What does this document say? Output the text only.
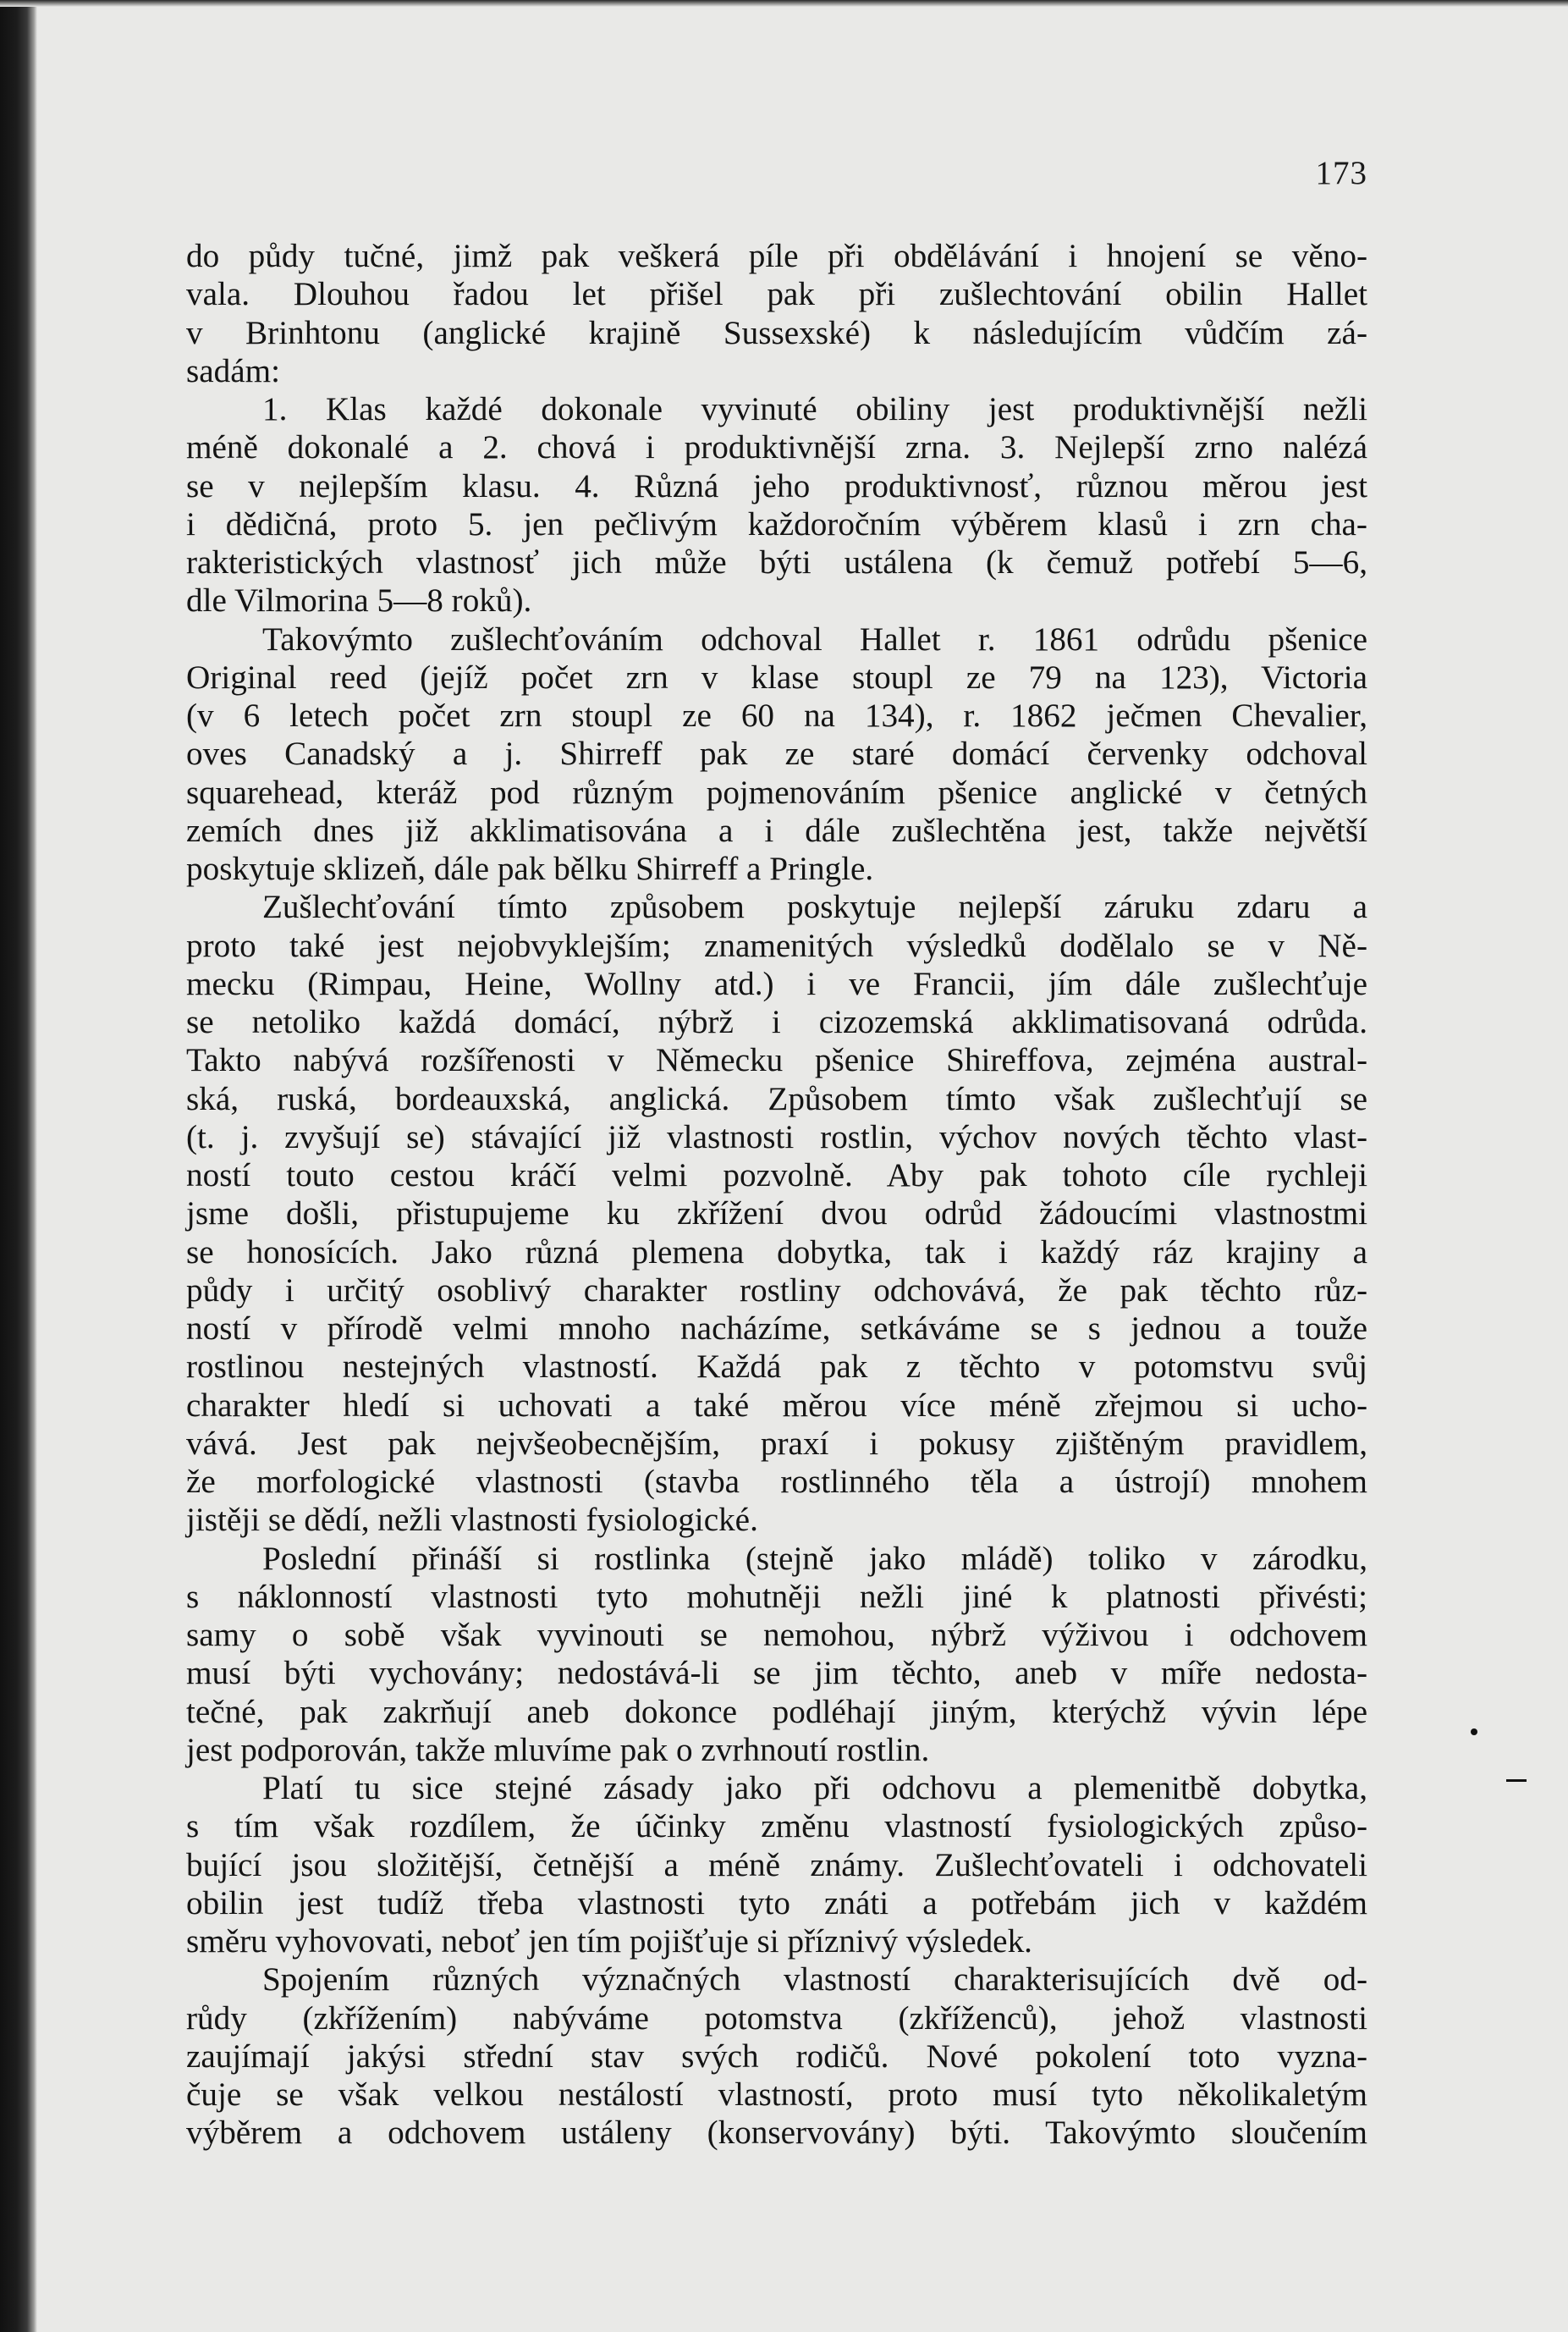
173
do půdy tučné, jimž pak veškerá píle při obdělávání i hnojení se věno-
vala. Dlouhou řadou let přišel pak při zušlechtování obilin Hallet
v Brinhtonu (anglické krajině Sussexské) k následujícím vůdčím zá-
sadám:
1. Klas každé dokonale vyvinuté obiliny jest produktivnější nežli
méně dokonalé a 2. chová i produktivnější zrna. 3. Nejlepší zrno nalézá
se v nejlepším klasu. 4. Různá jeho produktivnosť, různou měrou jest
i dědičná, proto 5. jen pečlivým každoročním výběrem klasů i zrn cha-
rakteristických vlastnosť jich může býti ustálena (k čemuž potřebí 5—6,
dle Vilmorina 5—8 roků).
Takovýmto zušlechťováním odchoval Hallet r. 1861 odrůdu pšenice
Original reed (jejíž počet zrn v klase stoupl ze 79 na 123), Victoria
(v 6 letech počet zrn stoupl ze 60 na 134), r. 1862 ječmen Chevalier,
oves Canadský a j. Shirreff pak ze staré domácí červenky odchoval
squarehead, kteráž pod různým pojmenováním pšenice anglické v četných
zemích dnes již akklimatisována a i dále zušlechtěna jest, takže největší
poskytuje sklizeň, dále pak bělku Shirreff a Pringle.
Zušlechťování tímto způsobem poskytuje nejlepší záruku zdaru a
proto také jest nejobvyklejším; znamenitých výsledků dodělalo se v Ně-
mecku (Rimpau, Heine, Wollny atd.) i ve Francii, jím dále zušlechťuje
se netoliko každá domácí, nýbrž i cizozemská akklimatisovaná odrůda.
Takto nabývá rozšířenosti v Německu pšenice Shireffova, zejména austral-
ská, ruská, bordeauxská, anglická. Způsobem tímto však zušlechťují se
(t. j. zvyšují se) stávající již vlastnosti rostlin, výchov nových těchto vlast-
ností touto cestou kráčí velmi pozvolně. Aby pak tohoto cíle rychleji
jsme došli, přistupujeme ku zkřížení dvou odrůd žádoucími vlastnostmi
se honosících. Jako různá plemena dobytka, tak i každý ráz krajiny a
půdy i určitý osoblivý charakter rostliny odchovává, že pak těchto růz-
ností v přírodě velmi mnoho nacházíme, setkáváme se s jednou a touže
rostlinou nestejných vlastností. Každá pak z těchto v potomstvu svůj
charakter hledí si uchovati a také měrou více méně zřejmou si ucho-
vává. Jest pak nejvšeobecnějším, praxí i pokusy zjištěným pravidlem,
že morfologické vlastnosti (stavba rostlinného těla a ústrojí) mnohem
jistěji se dědí, nežli vlastnosti fysiologické.
Poslední přináší si rostlinka (stejně jako mládě) toliko v zárodku,
s náklonností vlastnosti tyto mohutněji nežli jiné k platnosti přivésti;
samy o sobě však vyvinouti se nemohou, nýbrž výživou i odchovem
musí býti vychovány; nedostává-li se jim těchto, aneb v míře nedosta-
tečné, pak zakrňují aneb dokonce podléhají jiným, kterýchž vývin lépe
jest podporován, takže mluvíme pak o zvrhnoutí rostlin.
Platí tu sice stejné zásady jako při odchovu a plemenitbě dobytka,
s tím však rozdílem, že účinky změnu vlastností fysiologických způso-
bující jsou složitější, četnější a méně známy. Zušlechťovateli i odchovateli
obilin jest tudíž třeba vlastnosti tyto znáti a potřebám jich v každém
směru vyhovovati, neboť jen tím pojišťuje si příznivý výsledek.
Spojením různých význačných vlastností charakterisujících dvě od-
růdy (zkřížením) nabýváme potomstva (zkříženců), jehož vlastnosti
zaujímají jakýsi střední stav svých rodičů. Nové pokolení toto vyzna-
čuje se však velkou nestálostí vlastností, proto musí tyto několikaletým
výběrem a odchovem ustáleny (konservovány) býti. Takovýmto sloučením
